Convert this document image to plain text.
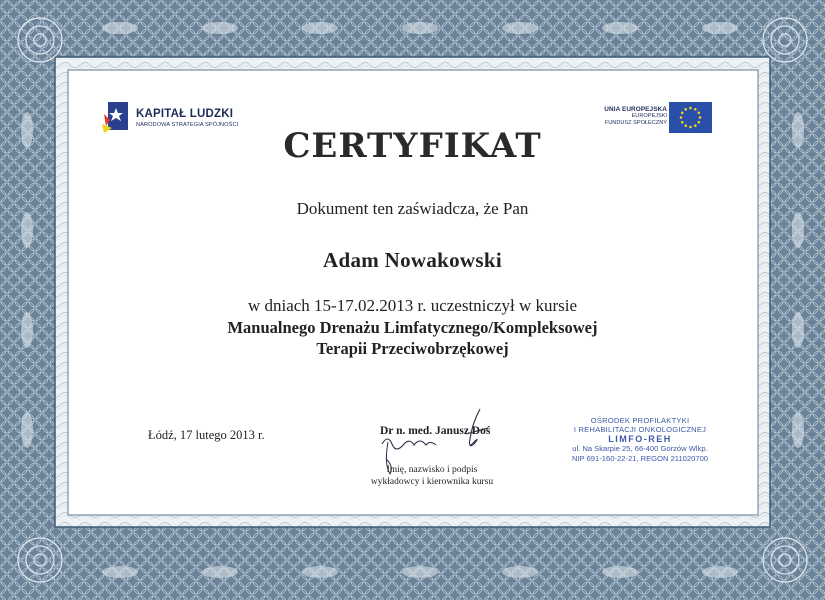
KAPITAŁ LUDZKI
NARODOWA STRATEGIA SPÓJNOŚCI
UNIA EUROPEJSKA
EUROPEJSKI
FUNDUSZ SPOŁECZNY
CERTYFIKAT
Dokument ten zaświadcza, że Pan
Adam Nowakowski
w dniach 15-17.02.2013 r. uczestniczył w kursie
Manualnego Drenażu Limfatycznego/Kompleksowej
Terapii Przeciwobrzękowej
Łódź, 17 lutego 2013 r.	Dr n. med. Janusz Doś
Imię, nazwisko i podpis
wykładowcy i kierownika kursu
OŚRODEK PROFILAKTYKI
I REHABILITACJI ONKOLOGICZNEJ
LIMFO-REH
ul. Na Skarpie 25, 66-400 Gorzów Wlkp.
NIP 691-160-22-21, REGON 211020700
